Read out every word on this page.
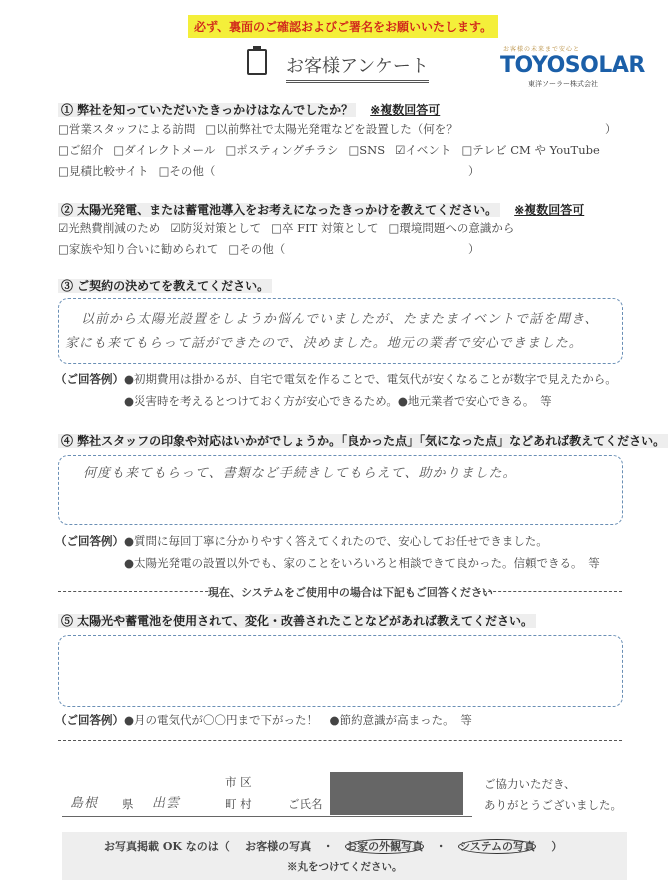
必ず、裏面のご確認およびご署名をお願いいたします。
お客様アンケート
お客様の未来まで安心と
TOYOSOLAR
東洋ソーラー株式会社
① 弊社を知っていただいたきっかけはなんでしたか？ ※複数回答可
□営業スタッフによる訪問 □以前弊社で太陽光発電などを設置した（何を？	）
□ご紹介 □ダイレクトメール □ポスティングチラシ □SNS ☑イベント □テレビ CM や YouTube
□見積比較サイト □その他（	）
② 太陽光発電、または蓄電池導入をお考えになったきっかけを教えてください。 ※複数回答可
☑光熱費削減のため ☑防災対策として □卒 FIT 対策として □環境問題への意識から
□家族や知り合いに勧められて □その他（	）
③ ご契約の決めてを教えてください。
以前から太陽光設置をしようか悩んでいましたが、たまたまイベントで話を聞き、
家にも来てもらって話ができたので、決めました。地元の業者で安心できました。
（ご回答例）●初期費用は掛かるが、自宅で電気を作ることで、電気代が安くなることが数字で見えたから。
●災害時を考えるとつけておく方が安心できるため。●地元業者で安心できる。　等
④ 弊社スタッフの印象や対応はいかがでしょうか。「良かった点」「気になった点」などあれば教えてください。
何度も来てもらって、書類など手続きしてもらえて、助かりました。
（ご回答例）●質問に毎回丁寧に分かりやすく答えてくれたので、安心してお任せできました。
●太陽光発電の設置以外でも、家のことをいろいろと相談できて良かった。信頼できる。　等
現在、システムをご使用中の場合は下記もご回答ください
⑤ 太陽光や蓄電池を使用されて、変化・改善されたことなどがあれば教えてください。
（ご回答例）●月の電気代が〇〇円まで下がった！　●節約意識が高まった。　等
島根 県 出雲
市 区
町 村	ご氏名
ご協力いただき、
ありがとうございました。
お写真掲載 OK なのは（ お客様の写真 ・ お家の外観写真 ・ システムの写真 ）
※丸をつけてください。
